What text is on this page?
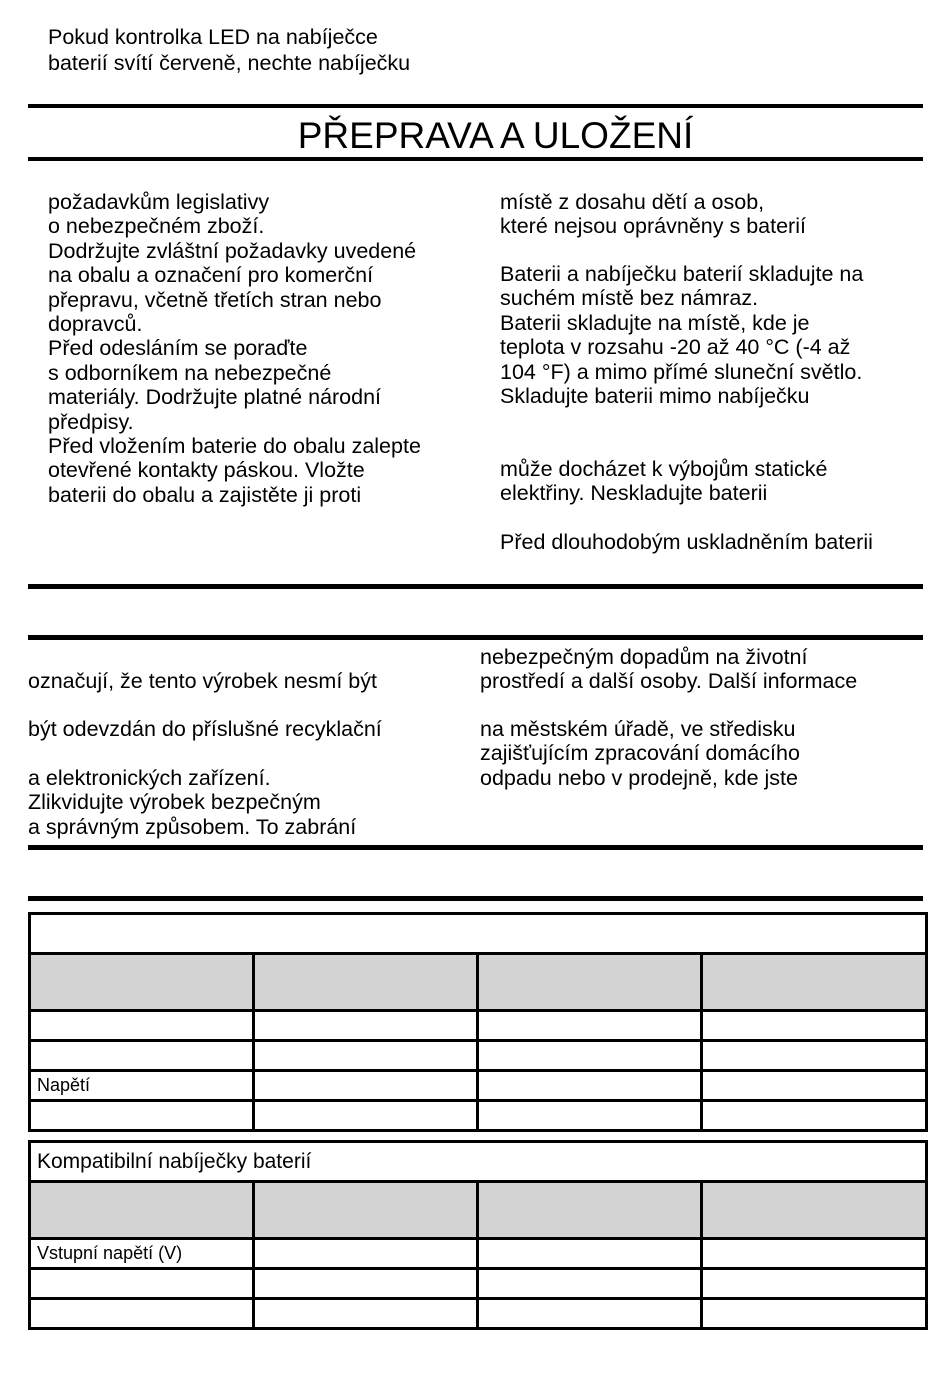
Pokud kontrolka LED na nabíječce
baterií svítí červeně, nechte nabíječku
PŘEPRAVA A ULOŽENÍ
požadavkům legislativy
o nebezpečném zboží.
Dodržujte zvláštní požadavky uvedené
na obalu a označení pro komerční
přepravu, včetně třetích stran nebo
dopravců.
Před odesláním se poraďte
s odborníkem na nebezpečné
materiály. Dodržujte platné národní
předpisy.
Před vložením baterie do obalu zalepte
otevřené kontakty páskou. Vložte
baterii do obalu a zajistěte ji proti
místě z dosahu dětí a osob,
které nejsou oprávněny s baterií
Baterii a nabíječku baterií skladujte na
suchém místě bez námraz.
Baterii skladujte na místě, kde je
teplota v rozsahu -20 až 40 °C (-4 až
104 °F) a mimo přímé sluneční světlo.
Skladujte baterii mimo nabíječku
může docházet k výbojům statické
elektřiny. Neskladujte baterii
Před dlouhodobým uskladněním baterii
označují, že tento výrobek nesmí být
být odevzdán do příslušné recyklační
a elektronických zařízení.
Zlikvidujte výrobek bezpečným
a správným způsobem. To zabrání
nebezpečným dopadům na životní
prostředí a další osoby. Další informace
na městském úřadě, ve středisku
zajišťujícím zpracování domácího
odpadu nebo v prodejně, kde jste

Napětí			

Kompatibilní nabíječky baterií			

Vstupní napětí (V)			
